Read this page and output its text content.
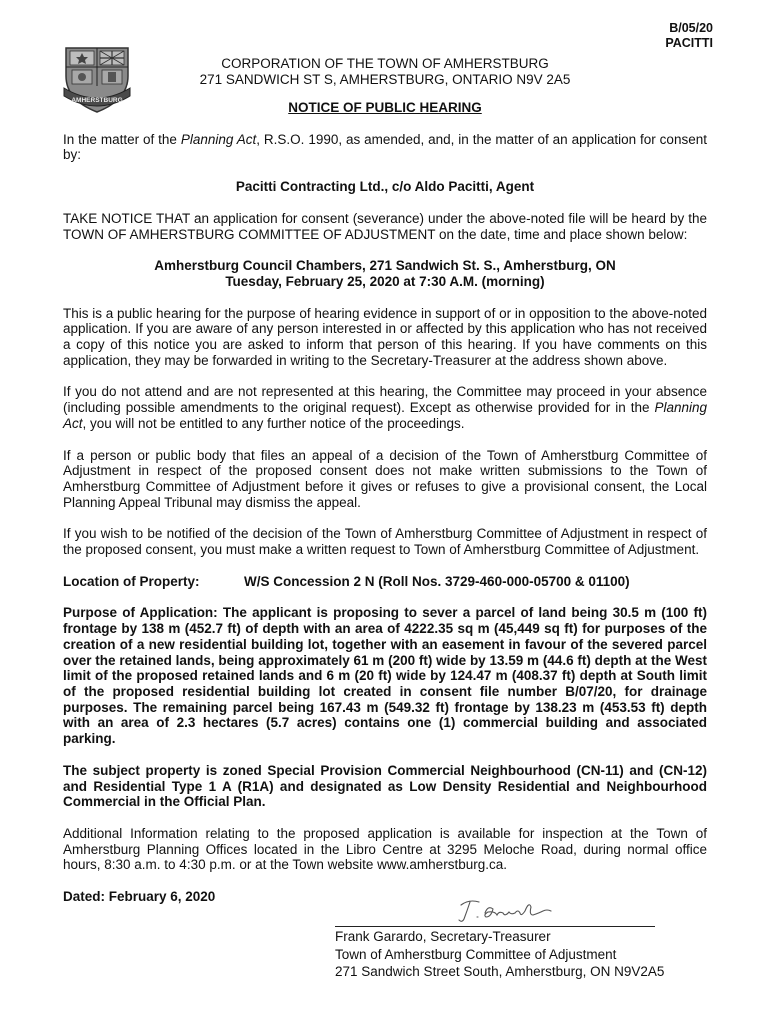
B/05/20
PACITTI
AMHERSTBURG
CORPORATION OF THE TOWN OF AMHERSTBURG
271 SANDWICH ST S, AMHERSTBURG, ONTARIO N9V 2A5

NOTICE OF PUBLIC HEARING

In the matter of the Planning Act, R.S.O. 1990, as amended, and, in the matter of an application for consent by:

Pacitti Contracting Ltd., c/o Aldo Pacitti, Agent

TAKE NOTICE THAT an application for consent (severance) under the above-noted file will be heard by the TOWN OF AMHERSTBURG COMMITTEE OF ADJUSTMENT on the date, time and place shown below:

Amherstburg Council Chambers, 271 Sandwich St. S., Amherstburg, ON
Tuesday, February 25, 2020 at 7:30 A.M. (morning)

This is a public hearing for the purpose of hearing evidence in support of or in opposition to the above-noted application. If you are aware of any person interested in or affected by this application who has not received a copy of this notice you are asked to inform that person of this hearing. If you have comments on this application, they may be forwarded in writing to the Secretary-Treasurer at the address shown above.

If you do not attend and are not represented at this hearing, the Committee may proceed in your absence (including possible amendments to the original request). Except as otherwise provided for in the Planning Act, you will not be entitled to any further notice of the proceedings.

If a person or public body that files an appeal of a decision of the Town of Amherstburg Committee of Adjustment in respect of the proposed consent does not make written submissions to the Town of Amherstburg Committee of Adjustment before it gives or refuses to give a provisional consent, the Local Planning Appeal Tribunal may dismiss the appeal.

If you wish to be notified of the decision of the Town of Amherstburg Committee of Adjustment in respect of the proposed consent, you must make a written request to Town of Amherstburg Committee of Adjustment.

Location of Property:	W/S Concession 2 N (Roll Nos. 3729-460-000-05700 & 01100)

Purpose of Application: The applicant is proposing to sever a parcel of land being 30.5 m (100 ft) frontage by 138 m (452.7 ft) of depth with an area of 4222.35 sq m (45,449 sq ft) for purposes of the creation of a new residential building lot, together with an easement in favour of the severed parcel over the retained lands, being approximately 61 m (200 ft) wide by 13.59 m (44.6 ft) depth at the West limit of the proposed retained lands and 6 m (20 ft) wide by 124.47 m (408.37 ft) depth at South limit of the proposed residential building lot created in consent file number B/07/20, for drainage purposes. The remaining parcel being 167.43 m (549.32 ft) frontage by 138.23 m (453.53 ft) depth with an area of 2.3 hectares (5.7 acres) contains one (1) commercial building and associated parking.

The subject property is zoned Special Provision Commercial Neighbourhood (CN-11) and (CN-12) and Residential Type 1 A (R1A) and designated as Low Density Residential and Neighbourhood Commercial in the Official Plan.

Additional Information relating to the proposed application is available for inspection at the Town of Amherstburg Planning Offices located in the Libro Centre at 3295 Meloche Road, during normal office hours, 8:30 a.m. to 4:30 p.m. or at the Town website www.amherstburg.ca.

Dated: February 6, 2020

Frank Garardo, Secretary-Treasurer
Town of Amherstburg Committee of Adjustment
271 Sandwich Street South, Amherstburg, ON N9V2A5
